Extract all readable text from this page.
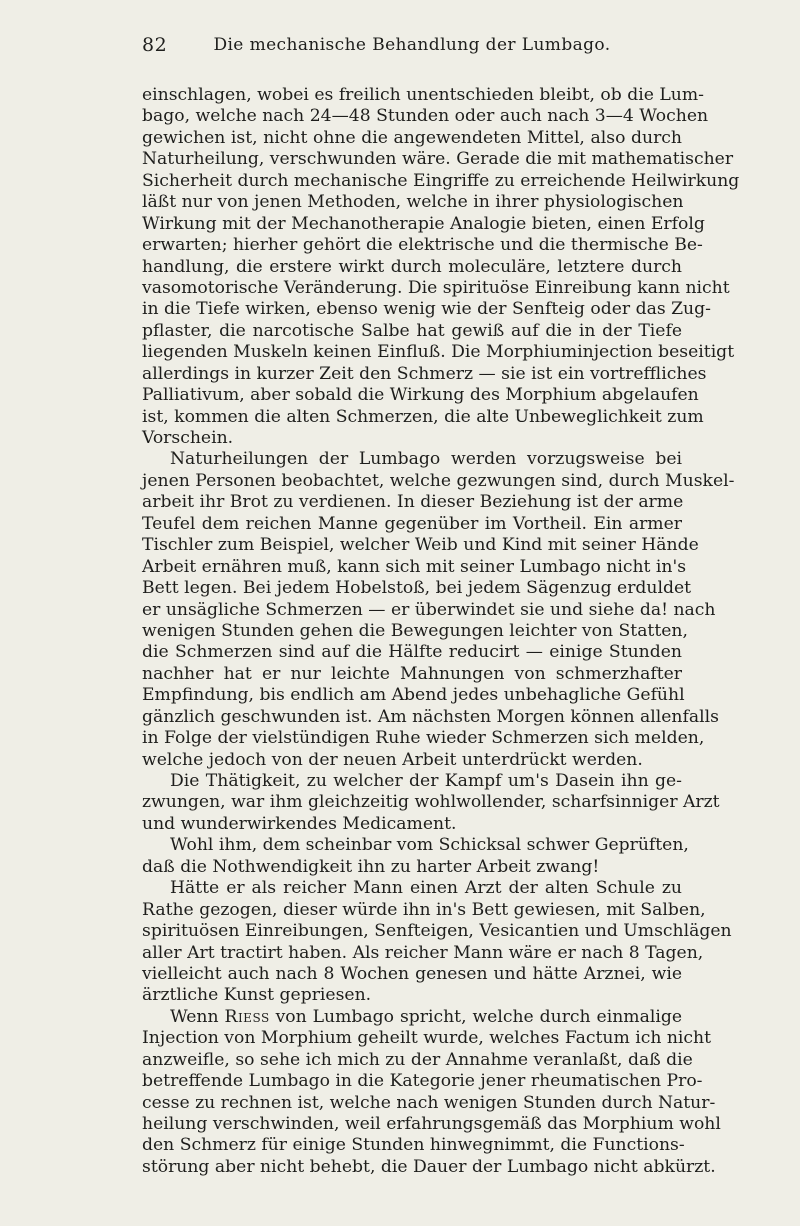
82	Die mechanische Behandlung der Lumbago.
einschlagen, wobei es freilich unentschieden bleibt, ob die Lum-
bago, welche nach 24—48 Stunden oder auch nach 3—4 Wochen
gewichen ist, nicht ohne die angewendeten Mittel, also durch
Naturheilung, verschwunden wäre. Gerade die mit mathematischer
Sicherheit durch mechanische Eingriffe zu erreichende Heilwirkung
läßt nur von jenen Methoden, welche in ihrer physiologischen
Wirkung mit der Mechanotherapie Analogie bieten, einen Erfolg
erwarten; hierher gehört die elektrische und die thermische Be-
handlung, die erstere wirkt durch moleculäre, letztere durch
vasomotorische Veränderung. Die spirituöse Einreibung kann nicht
in die Tiefe wirken, ebenso wenig wie der Senfteig oder das Zug-
pflaster, die narcotische Salbe hat gewiß auf die in der Tiefe
liegenden Muskeln keinen Einfluß. Die Morphiuminjection beseitigt
allerdings in kurzer Zeit den Schmerz — sie ist ein vortreffliches
Palliativum, aber sobald die Wirkung des Morphium abgelaufen
ist, kommen die alten Schmerzen, die alte Unbeweglichkeit zum
Vorschein.
Naturheilungen der Lumbago werden vorzugsweise bei
jenen Personen beobachtet, welche gezwungen sind, durch Muskel-
arbeit ihr Brot zu verdienen. In dieser Beziehung ist der arme
Teufel dem reichen Manne gegenüber im Vortheil. Ein armer
Tischler zum Beispiel, welcher Weib und Kind mit seiner Hände
Arbeit ernähren muß, kann sich mit seiner Lumbago nicht in's
Bett legen. Bei jedem Hobelstoß, bei jedem Sägenzug erduldet
er unsägliche Schmerzen — er überwindet sie und siehe da! nach
wenigen Stunden gehen die Bewegungen leichter von Statten,
die Schmerzen sind auf die Hälfte reducirt — einige Stunden
nachher hat er nur leichte Mahnungen von schmerzhafter
Empfindung, bis endlich am Abend jedes unbehagliche Gefühl
gänzlich geschwunden ist. Am nächsten Morgen können allenfalls
in Folge der vielstündigen Ruhe wieder Schmerzen sich melden,
welche jedoch von der neuen Arbeit unterdrückt werden.
Die Thätigkeit, zu welcher der Kampf um's Dasein ihn ge-
zwungen, war ihm gleichzeitig wohlwollender, scharfsinniger Arzt
und wunderwirkendes Medicament.
Wohl ihm, dem scheinbar vom Schicksal schwer Geprüften,
daß die Nothwendigkeit ihn zu harter Arbeit zwang!
Hätte er als reicher Mann einen Arzt der alten Schule zu
Rathe gezogen, dieser würde ihn in's Bett gewiesen, mit Salben,
spirituösen Einreibungen, Senfteigen, Vesicantien und Umschlägen
aller Art tractirt haben. Als reicher Mann wäre er nach 8 Tagen,
vielleicht auch nach 8 Wochen genesen und hätte Arznei, wie
ärztliche Kunst gepriesen.
Wenn Riess von Lumbago spricht, welche durch einmalige
Injection von Morphium geheilt wurde, welches Factum ich nicht
anzweifle, so sehe ich mich zu der Annahme veranlaßt, daß die
betreffende Lumbago in die Kategorie jener rheumatischen Pro-
cesse zu rechnen ist, welche nach wenigen Stunden durch Natur-
heilung verschwinden, weil erfahrungsgemäß das Morphium wohl
den Schmerz für einige Stunden hinwegnimmt, die Functions-
störung aber nicht behebt, die Dauer der Lumbago nicht abkürzt.
